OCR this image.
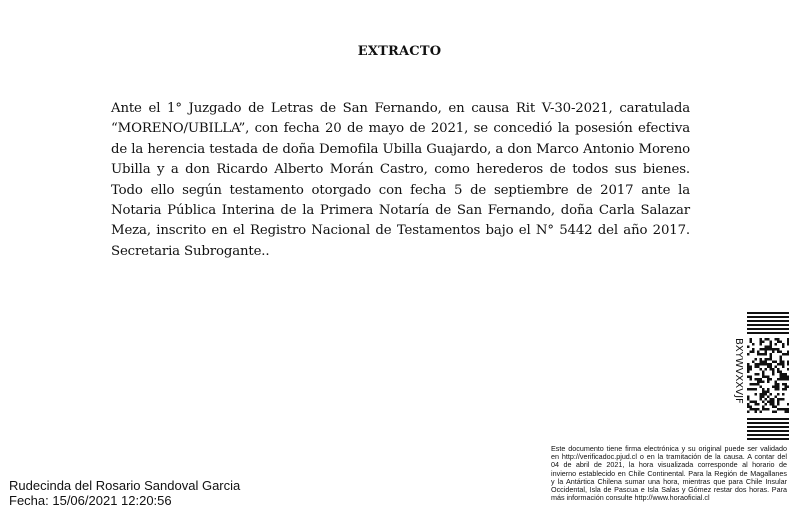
EXTRACTO

Ante el 1° Juzgado de Letras de San Fernando, en causa Rit V-30-2021, caratulada “MORENO/UBILLA”, con fecha 20 de mayo de 2021, se concedió la posesión efectiva de la herencia testada de doña Demofila Ubilla Guajardo, a don Marco Antonio Moreno Ubilla y a don Ricardo Alberto Morán Castro, como herederos de todos sus bienes. Todo ello según testamento otorgado con fecha 5 de septiembre de 2017 ante la Notaria Pública Interina de la Primera Notaría de San Fernando, doña Carla Salazar Meza, inscrito en el Registro Nacional de Testamentos bajo el N° 5442 del año 2017. Secretaria Subrogante..

BXYWVXXVJF

Este documento tiene firma electrónica y su original puede ser validado en http://verificadoc.pjud.cl o en la tramitación de la causa. A contar del 04 de abril de 2021, la hora visualizada corresponde al horario de invierno establecido en Chile Continental. Para la Región de Magallanes y la Antártica Chilena sumar una hora, mientras que para Chile Insular Occidental, Isla de Pascua e Isla Salas y Gómez restar dos horas. Para más información consulte http://www.horaoficial.cl

Rudecinda del Rosario Sandoval Garcia
Fecha: 15/06/2021 12:20:56
